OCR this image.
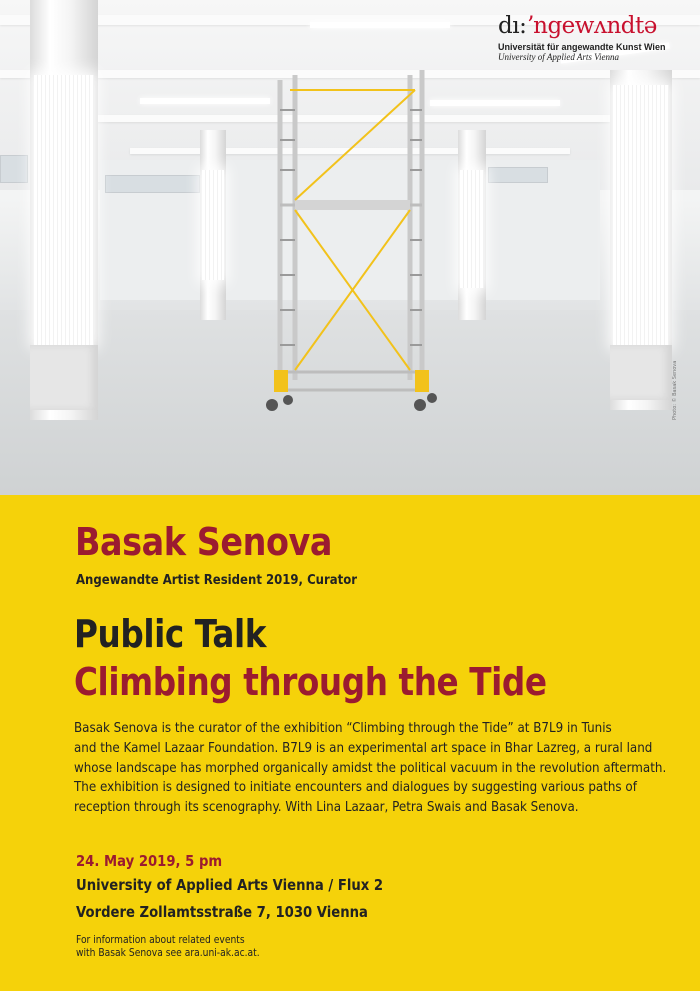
Photo: © Basak Senova
dı:ʼngewʌndtə
Universität für angewandte Kunst Wien
University of Applied Arts Vienna
Basak Senova
Angewandte Artist Resident 2019, Curator
Public Talk
Climbing through the Tide
Basak Senova is the curator of the exhibition “Climbing through the Tide” at B7L9 in Tunis
and the Kamel Lazaar Foundation. B7L9 is an experimental art space in Bhar Lazreg, a rural land
whose landscape has morphed organically amidst the political vacuum in the revolution aftermath.
The exhibition is designed to initiate encounters and dialogues by suggesting various paths of
reception through its scenography. With Lina Lazaar, Petra Swais and Basak Senova.
24. May 2019, 5 pm
University of Applied Arts Vienna / Flux 2
Vordere Zollamtsstraße 7, 1030 Vienna
For information about related events
with Basak Senova see ara.uni-ak.ac.at.
